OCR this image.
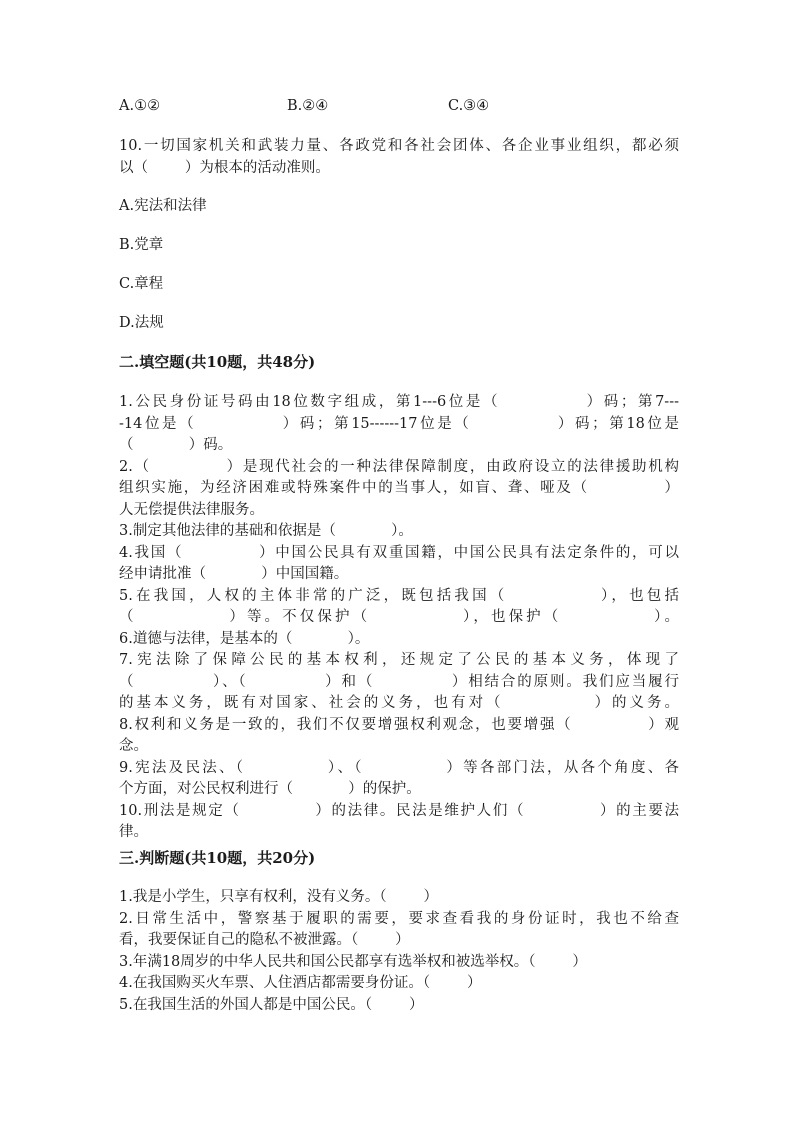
A.①②	B.②④	C.③④
10.一切国家机关和武装力量、各政党和各社会团体、各企业事业组织，都必须
以（        ）为根本的活动准则。
A.宪法和法律
B.党章
C.章程
D.法规
二.填空题(共10题，共48分)
1.公民身份证号码由18位数字组成，第1---6位是（            ）码；第7---
-14位是（            ）码；第15------17位是（            ）码；第18位是
（            ）码。
2.（            ）是现代社会的一种法律保障制度，由政府设立的法律援助机构
组织实施，为经济困难或特殊案件中的当事人，如盲、聋、哑及（            ）
人无偿提供法律服务。
3.制定其他法律的基础和依据是（            ）。
4.我国（            ）中国公民具有双重国籍，中国公民具有法定条件的，可以
经申请批准（            ）中国国籍。
5.在我国，人权的主体非常的广泛，既包括我国（            ），也包括
（            ）等。不仅保护（            ），也保护（            ）。
6.道德与法律，是基本的（            ）。
7.宪法除了保障公民的基本权利，还规定了公民的基本义务，体现了
（            ）、（            ）和（            ）相结合的原则。我们应当履行
的基本义务，既有对国家、社会的义务，也有对（            ）的义务。
8.权利和义务是一致的，我们不仅要增强权利观念，也要增强（            ）观
念。
9.宪法及民法、（            ）、（            ）等各部门法，从各个角度、各
个方面，对公民权利进行（            ）的保护。
10.刑法是规定（            ）的法律。民法是维护人们（            ）的主要法
律。
三.判断题(共10题，共20分)
1.我是小学生，只享有权利，没有义务。（        ）
2.日常生活中，警察基于履职的需要，要求查看我的身份证时，我也不给查
看，我要保证自己的隐私不被泄露。（        ）
3.年满18周岁的中华人民共和国公民都享有选举权和被选举权。（        ）
4.在我国购买火车票、人住酒店都需要身份证。（        ）
5.在我国生活的外国人都是中国公民。（        ）
